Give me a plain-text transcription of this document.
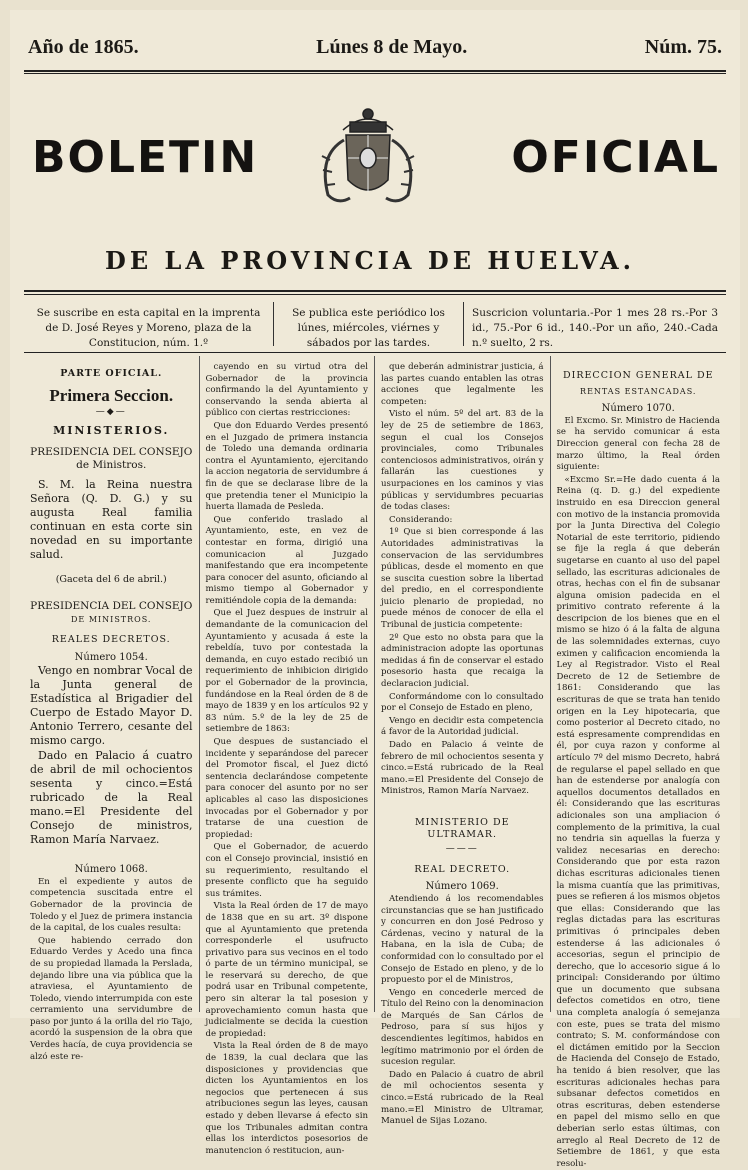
Año de 1865.	Lúnes 8 de Mayo.	Núm. 75.
BOLETIN	OFICIAL
DE LA PROVINCIA DE HUELVA.
Se suscribe en esta capital en la imprenta de D. José Reyes y Moreno, plaza de la Constitucion, núm. 1.º
Se publica este periódico los lúnes, miércoles, viérnes y sábados por las tardes.
Suscricion voluntaria.-Por 1 mes 28 rs.-Por 3 id., 75.-Por 6 id., 140.-Por un año, 240.-Cada n.º suelto, 2 rs.
PARTE OFICIAL.
Primera Seccion.
—◆—
MINISTERIOS.
PRESIDENCIA DEL CONSEJO
de Ministros.

S. M. la Reina nuestra Señora (Q. D. G.) y su augusta Real familia continuan en esta corte sin novedad en su importante salud.

(Gaceta del 6 de abril.)
PRESIDENCIA DEL CONSEJO
DE MINISTROS.
REALES DECRETOS.

Número 1054.

Vengo en nombrar Vocal de la Junta general de Estadística al Brigadier del Cuerpo de Estado Mayor D. Antonio Terrero, cesante del mismo cargo.

Dado en Palacio á cuatro de abril de mil ochocientos sesenta y cinco.=Está rubricado de la Real mano.=El Presidente del Consejo de ministros, Ramon María Narvaez.

Número 1068.

En el expediente y autos de competencia suscitada entre el Gobernador de la provincia de Toledo y el Juez de primera instancia de la capital, de los cuales resulta:

Que habiendo cerrado don Eduardo Verdes y Acedo una finca de su propiedad llamada la Perslada, dejando libre una via pública que la atraviesa, el Ayuntamiento de Toledo, viendo interrumpida con este cerramiento una servidumbre de paso por junto á la orilla del rio Tajo, acordó la suspension de la obra que Verdes hacía, de cuya providencia se alzó este re-

cayendo en su virtud otra del Gobernador de la provincia confirmando la del Ayuntamiento y conservando la senda abierta al público con ciertas restricciones:

Que don Eduardo Verdes presentó en el Juzgado de primera instancia de Toledo una demanda ordinaria contra el Ayuntamiento, ejercitando la accion negatoria de servidumbre á fin de que se declarase libre de la que pretendia tener el Municipio la huerta llamada de Pesleda.

Que conferido traslado al Ayuntamiento, este, en vez de contestar en forma, dirigió una comunicacion al Juzgado manifestando que era incompetente para conocer del asunto, oficiando al mismo tiempo al Gobernador y remitiéndole copia de la demanda:

Que el Juez despues de instruir al demandante de la comunicacion del Ayuntamiento y acusada á este la rebeldía, tuvo por contestada la demanda, en cuyo estado recibió un requerimiento de inhibicion dirigido por el Gobernador de la provincia, fundándose en la Real órden de 8 de mayo de 1839 y en los artículos 92 y 83 núm. 5.º de la ley de 25 de setiembre de 1863:

Que despues de sustanciado el incidente y separándose del parecer del Promotor fiscal, el Juez dictó sentencia declarándose competente para conocer del asunto por no ser aplicables al caso las disposiciones invocadas por el Gobernador y por tratarse de una cuestion de propiedad:

Que el Gobernador, de acuerdo con el Consejo provincial, insistió en su requerimiento, resultando el presente conflicto que ha seguido sus trámites.

Vista la Real órden de 17 de mayo de 1838 que en su art. 3º dispone que al Ayuntamiento que pretenda corresponderle el usufructo privativo para sus vecinos en el todo ó parte de un término municipal, se le reservará su derecho, de que podrá usar en Tribunal competente, pero sin alterar la tal posesion y aprovechamiento comun hasta que judicialmente se decida la cuestion de propiedad:

Vista la Real órden de 8 de mayo de 1839, la cual declara que las disposiciones y providencias que dicten los Ayuntamientos en los negocios que pertenecen á sus atribuciones segun las leyes, causan estado y deben llevarse á efecto sin que los Tribunales admitan contra ellas los interdictos posesorios de manutencion ó restitucion, aun-

que deberán administrar justicia, á las partes cuando entablen las otras acciones que legalmente les competen:

Visto el núm. 5º del art. 83 de la ley de 25 de setiembre de 1863, segun el cual los Consejos provinciales, como Tribunales contenciosos administrativos, oirán y fallarán las cuestiones y usurpaciones en los caminos y vias públicas y servidumbres pecuarias de todas clases:

Considerando:

1º Que si bien corresponde á las Autoridades administrativas la conservacion de las servidumbres públicas, desde el momento en que se suscita cuestion sobre la libertad del predio, en el correspondiente juicio plenario de propiedad, no puede ménos de conocer de ella el Tribunal de justicia competente:

2º Que esto no obsta para que la administracion adopte las oportunas medidas á fin de conservar el estado posesorio hasta que recaiga la declaracion judicial.

Conformándome con lo consultado por el Consejo de Estado en pleno,

Vengo en decidir esta competencia á favor de la Autoridad judicial.

Dado en Palacio á veinte de febrero de mil ochocientos sesenta y cinco.=Está rubricado de la Real mano.=El Presidente del Consejo de Ministros, Ramon María Narvaez.

MINISTERIO DE ULTRAMAR.
———
REAL DECRETO.

Número 1069.

Atendiendo á los recomendables circunstancias que se han justificado y concurren en don José Pedroso y Cárdenas, vecino y natural de la Habana, en la isla de Cuba; de conformidad con lo consultado por el Consejo de Estado en pleno, y de lo propuesto por el de Ministros,

Vengo en concederle merced de Título del Reino con la denominacion de Marqués de San Cárlos de Pedroso, para sí sus hijos y descendientes legítimos, habidos en legítimo matrimonio por el órden de sucesion regular.

Dado en Palacio á cuatro de abril de mil ochocientos sesenta y cinco.=Está rubricado de la Real mano.=El Ministro de Ultramar, Manuel de Sijas Lozano.

DIRECCION GENERAL DE
RENTAS ESTANCADAS.

Número 1070.

El Excmo. Sr. Ministro de Hacienda se ha servido comunicar á esta Direccion general con fecha 28 de marzo último, la Real órden siguiente:

«Excmo Sr.=He dado cuenta á la Reina (q. D. g.) del expediente instruido en esa Direccion general con motivo de la instancia promovida por la Junta Directiva del Colegio Notarial de este territorio, pidiendo se fije la regla á que deberán sugetarse en cuanto al uso del papel sellado, las escrituras adicionales de otras, hechas con el fin de subsanar alguna omision padecida en el primitivo contrato referente á la descripcion de los bienes que en el mismo se hizo ó á la falta de alguna de las solemnidades externas, cuyo eximen y calificacion encomienda la Ley al Registrador. Visto el Real Decreto de 12 de Setiembre de 1861: Considerando que las escrituras de que se trata han tenido origen en la Ley hipotecaria, que como posterior al Decreto citado, no está espresamente comprendidas en él, por cuya razon y conforme al artículo 7º del mismo Decreto, habrá de regularse el papel sellado en que han de estenderse por analogía con aquellos documentos detallados en él: Considerando que las escrituras adicionales son una ampliacion ó complemento de la primitiva, la cual no tendria sin aquellas la fuerza y validez necesarias en derecho: Considerando que por esta razon dichas escrituras adicionales tienen la misma cuantía que las primitivas, pues se refieren á los mismos objetos que ellas: Considerando que las reglas dictadas para las escrituras primitivas ó principales deben estenderse á las adicionales ó accesorias, segun el principio de derecho, que lo accesorio sigue á lo principal: Considerando por último que un documento que subsana defectos cometidos en otro, tiene una completa analogía ó semejanza con este, pues se trata del mismo contrato; S. M. conformándose con el dictámen emitido por la Seccion de Hacienda del Consejo de Estado, ha tenido á bien resolver, que las escrituras adicionales hechas para subsanar defectos cometidos en otras escrituras, deben estenderse en papel del mismo sello en que deberian serlo estas últimas, con arreglo al Real Decreto de 12 de Setiembre de 1861, y que esta resolu-
